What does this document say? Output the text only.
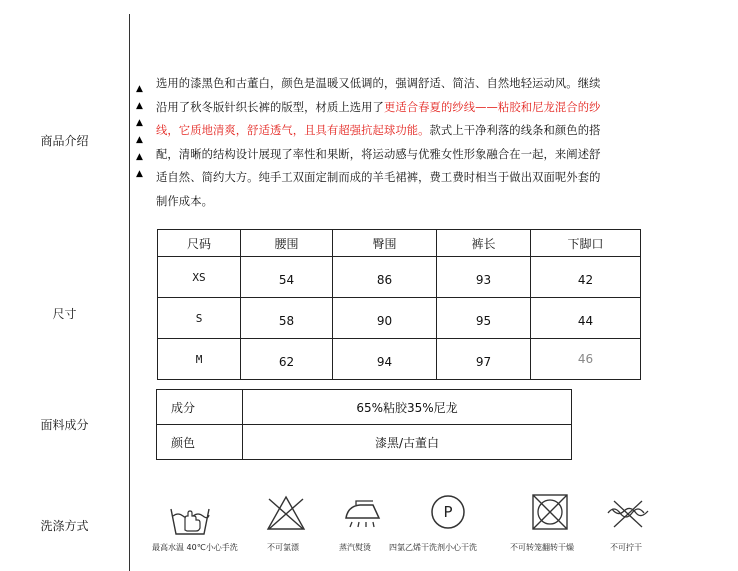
商品介绍
尺寸
面料成分
洗涤方式
▲
▲
▲
▲
▲
▲
选用的漆黑色和古董白，颜色是温暖又低调的，强调舒适、简洁、自然地轻运动风。继续
沿用了秋冬版针织长裤的版型，材质上选用了更适合春夏的纱线——粘胶和尼龙混合的纱
线，它质地清爽，舒适透气，且具有超强抗起球功能。款式上干净利落的线条和颜色的搭
配，清晰的结构设计展现了率性和果断，将运动感与优雅女性形象融合在一起，来阐述舒
适自然、简约大方。纯手工双面定制而成的羊毛裙裤，费工费时相当于做出双面呢外套的
制作成本。
尺码	腰围	臀围	裤长	下脚口
XS	54	86	93	42
S	58	90	95	44
M	62	94	97	46
成分	65%粘胶35%尼龙
颜色	漆黑/古董白
P
最高水温 40℃小心手洗	不可氯漂	蒸汽熨烫 四氯乙烯干洗剂小心干洗	不可转笼翻转干燥	不可拧干
